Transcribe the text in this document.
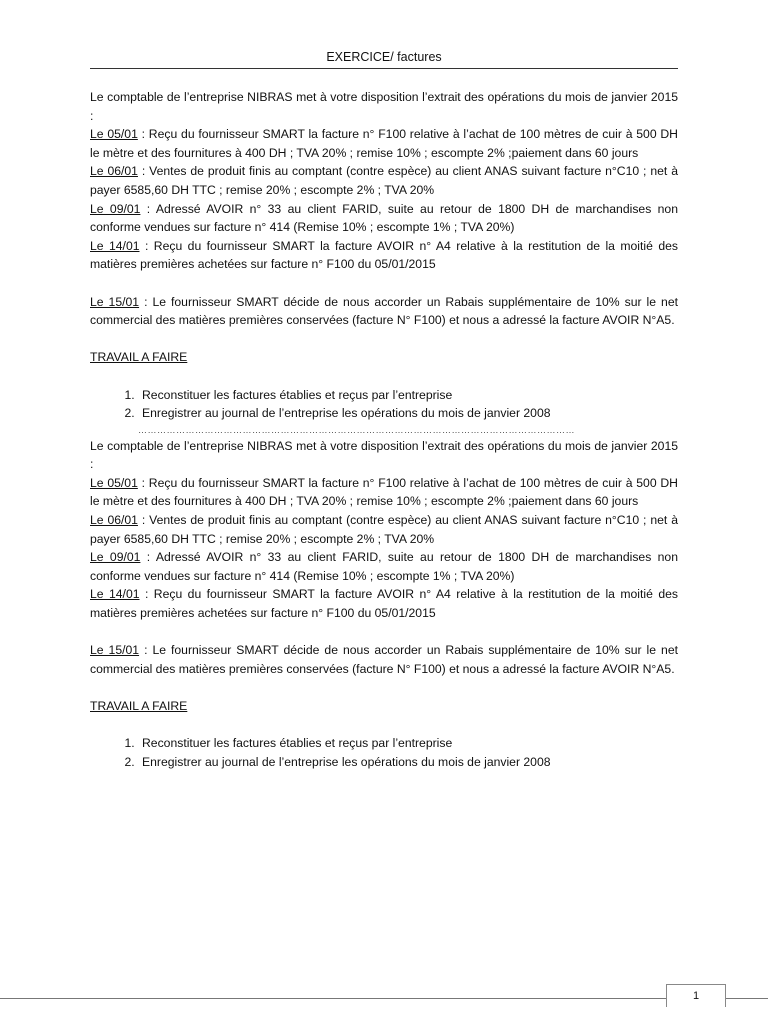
EXERCICE/ factures

Le comptable de l’entreprise NIBRAS met à votre disposition l’extrait des opérations du mois de janvier 2015 :

Le 05/01 : Reçu du fournisseur SMART la facture n° F100 relative à l’achat de 100 mètres de cuir à 500 DH le mètre et des fournitures à 400 DH ; TVA 20% ; remise 10% ; escompte 2% ;paiement dans 60 jours

Le 06/01 : Ventes de produit finis au comptant (contre espèce) au client ANAS suivant facture n°C10 ; net à payer 6585,60 DH TTC ; remise 20% ; escompte 2% ; TVA 20%

Le 09/01 : Adressé AVOIR n° 33 au client FARID, suite au retour de 1800 DH de marchandises non conforme vendues sur facture n° 414 (Remise 10% ; escompte 1% ; TVA 20%)

Le 14/01 : Reçu du fournisseur SMART la facture AVOIR n° A4 relative à la restitution de la moitié des matières premières achetées sur facture n° F100 du 05/01/2015

Le 15/01 : Le fournisseur SMART décide de nous accorder un Rabais supplémentaire de 10% sur le net commercial des matières premières conservées (facture N° F100) et nous a adressé la facture AVOIR N°A5.

TRAVAIL A FAIRE

1. Reconstituer les factures établies et reçus par l’entreprise
2. Enregistrer au journal de l’entreprise les opérations du mois de janvier 2008
…………………………………………………………………………………………………………………………

Le comptable de l’entreprise NIBRAS met à votre disposition l’extrait des opérations du mois de janvier 2015 :

Le 05/01 : Reçu du fournisseur SMART la facture n° F100 relative à l’achat de 100 mètres de cuir à 500 DH le mètre et des fournitures à 400 DH ; TVA 20% ; remise 10% ; escompte 2% ;paiement dans 60 jours

Le 06/01 : Ventes de produit finis au comptant (contre espèce) au client ANAS suivant facture n°C10 ; net à payer 6585,60 DH TTC ; remise 20% ; escompte 2% ; TVA 20%

Le 09/01 : Adressé AVOIR n° 33 au client FARID, suite au retour de 1800 DH de marchandises non conforme vendues sur facture n° 414 (Remise 10% ; escompte 1% ; TVA 20%)

Le 14/01 : Reçu du fournisseur SMART la facture AVOIR n° A4 relative à la restitution de la moitié des matières premières achetées sur facture n° F100 du 05/01/2015

Le 15/01 : Le fournisseur SMART décide de nous accorder un Rabais supplémentaire de 10% sur le net commercial des matières premières conservées (facture N° F100) et nous a adressé la facture AVOIR N°A5.

TRAVAIL A FAIRE

1. Reconstituer les factures établies et reçus par l’entreprise
2. Enregistrer au journal de l’entreprise les opérations du mois de janvier 2008
1
